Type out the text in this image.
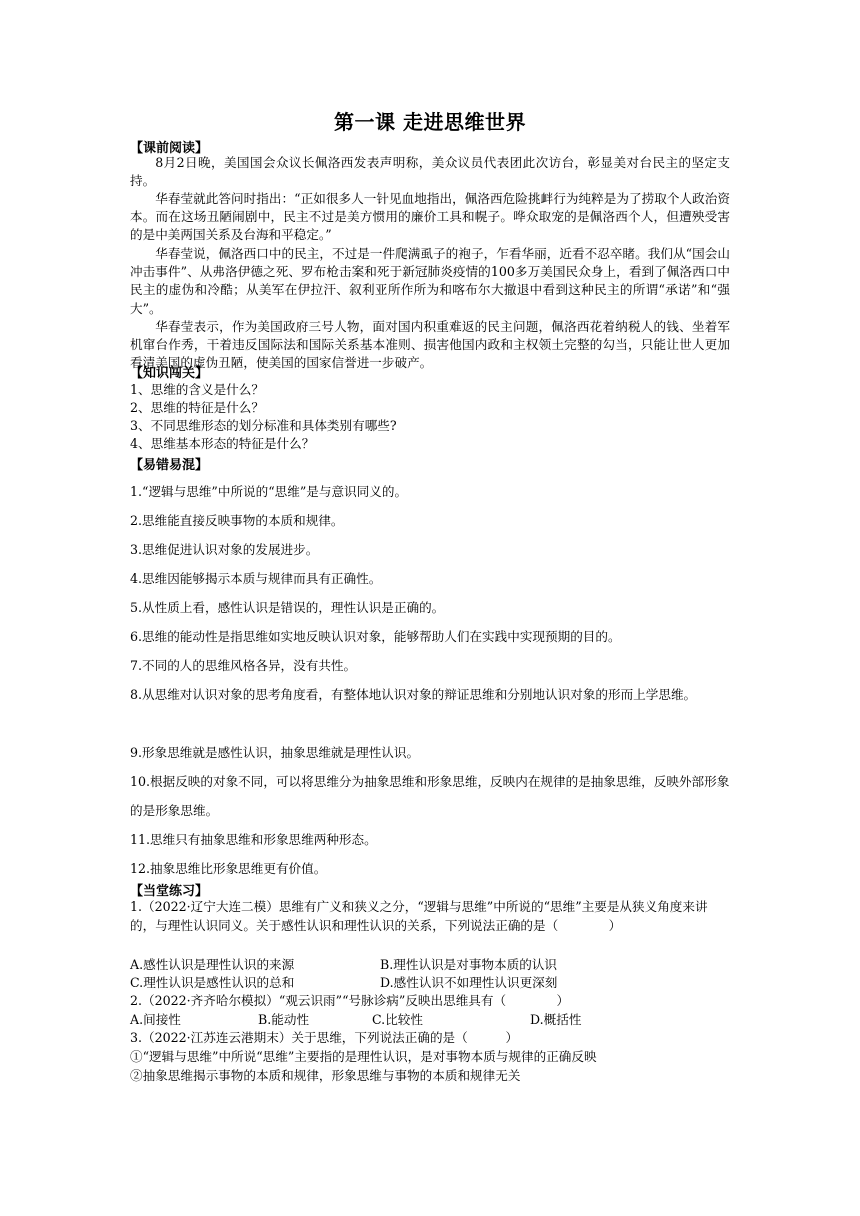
第一课 走进思维世界
【课前阅读】
8月2日晚，美国国会众议长佩洛西发表声明称，美众议员代表团此次访台，彰显美对台民主的坚定支持。
华春莹就此答问时指出：“正如很多人一针见血地指出，佩洛西危险挑衅行为纯粹是为了捞取个人政治资本。而在这场丑陋闹剧中，民主不过是美方惯用的廉价工具和幌子。哗众取宠的是佩洛西个人，但遭殃受害的是中美两国关系及台海和平稳定。”
华春莹说，佩洛西口中的民主，不过是一件爬满虱子的袍子，乍看华丽，近看不忍卒睹。我们从“国会山冲击事件”、从弗洛伊德之死、罗布枪击案和死于新冠肺炎疫情的100多万美国民众身上，看到了佩洛西口中民主的虚伪和冷酷；从美军在伊拉汗、叙利亚所作所为和喀布尔大撤退中看到这种民主的所谓“承诺”和“强大”。
华春莹表示，作为美国政府三号人物，面对国内积重难返的民主问题，佩洛西花着纳税人的钱、坐着军机窜台作秀，干着违反国际法和国际关系基本准则、损害他国内政和主权领土完整的勾当，只能让世人更加看清美国的虚伪丑陋，使美国的国家信誉进一步破产。
【知识闯关】
1、思维的含义是什么？
2、思维的特征是什么？
3、不同思维形态的划分标准和具体类别有哪些?
4、思维基本形态的特征是什么？
【易错易混】
1.“逻辑与思维”中所说的“思维”是与意识同义的。
2.思维能直接反映事物的本质和规律。
3.思维促进认识对象的发展进步。
4.思维因能够揭示本质与规律而具有正确性。
5.从性质上看，感性认识是错误的，理性认识是正确的。
6.思维的能动性是指思维如实地反映认识对象，能够帮助人们在实践中实现预期的目的。
7.不同的人的思维风格各异，没有共性。
8.从思维对认识对象的思考角度看，有整体地认识对象的辩证思维和分别地认识对象的形而上学思维。
9.形象思维就是感性认识，抽象思维就是理性认识。
10.根据反映的对象不同，可以将思维分为抽象思维和形象思维，反映内在规律的是抽象思维，反映外部形象的是形象思维。
11.思维只有抽象思维和形象思维两种形态。
12.抽象思维比形象思维更有价值。
【当堂练习】
1.（2022·辽宁大连二模）思维有广义和狭义之分，“逻辑与思维”中所说的“思维”主要是从狭义角度来讲的，与理性认识同义。关于感性认识和理性认识的关系，下列说法正确的是（　　　　）
A.感性认识是理性认识的来源	B.理性认识是对事物本质的认识
C.理性认识是感性认识的总和	D.感性认识不如理性认识更深刻
2.（2022·齐齐哈尔模拟）“观云识雨”“号脉诊病”反映出思维具有（　　　　）
A.间接性	B.能动性	C.比较性	D.概括性
3.（2022·江苏连云港期末）关于思维，下列说法正确的是（　　　）
①“逻辑与思维”中所说“思维”主要指的是理性认识，是对事物本质与规律的正确反映
②抽象思维揭示事物的本质和规律，形象思维与事物的本质和规律无关
